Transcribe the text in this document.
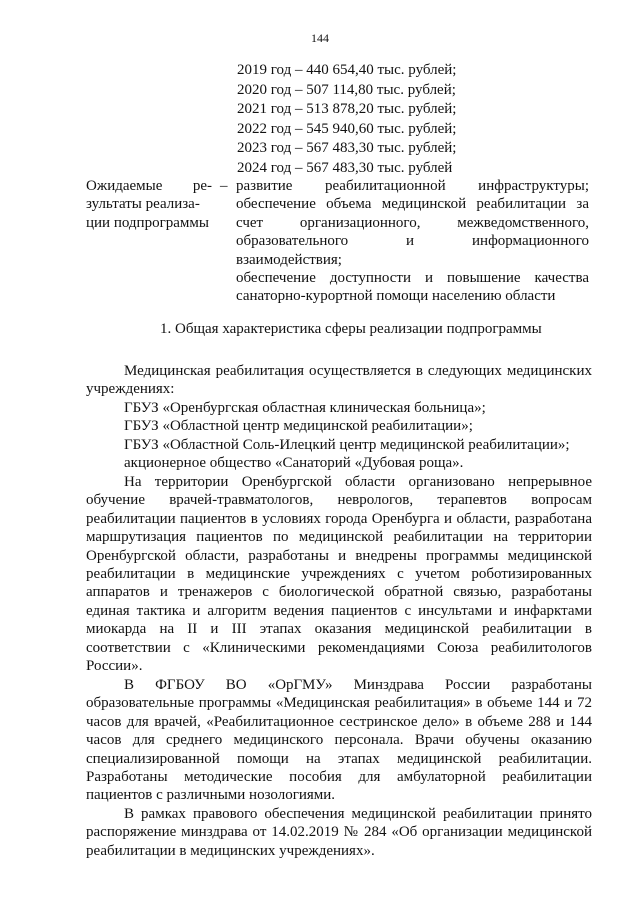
144
2019 год – 440 654,40 тыс. рублей;
2020 год – 507 114,80 тыс. рублей;
2021 год – 513 878,20 тыс. рублей;
2022 год – 545 940,60 тыс. рублей;
2023 год – 567 483,30 тыс. рублей;
2024 год – 567 483,30 тыс. рублей
Ожидаемые ре-
зультаты реализа-
ции подпрограммы
– развитие реабилитационной инфраструктуры; обеспечение объема медицинской реабилитации за счет организационного, межведомственного, образовательного и информационного взаимодействия;

обеспечение доступности и повышение качества санаторно-курортной помощи населению области

1. Общая характеристика сферы реализации подпрограммы

Медицинская реабилитация осуществляется в следующих медицинских учреждениях:

ГБУЗ «Оренбургская областная клиническая больница»;

ГБУЗ «Областной центр медицинской реабилитации»;

ГБУЗ «Областной Соль-Илецкий центр медицинской реабилитации»;

акционерное общество «Санаторий «Дубовая роща».

На территории Оренбургской области организовано непрерывное обучение врачей-травматологов, неврологов, терапевтов вопросам реабилитации пациентов в условиях города Оренбурга и области, разработана маршрутизация пациентов по медицинской реабилитации на территории Оренбургской области, разработаны и внедрены программы медицинской реабилитации в медицинские учреждениях с учетом роботизированных аппаратов и тренажеров с биологической обратной связью, разработаны единая тактика и алгоритм ведения пациентов с инсультами и инфарктами миокарда на II и III этапах оказания медицинской реабилитации в соответствии с «Клиническими рекомендациями Союза реабилитологов России».

В ФГБОУ ВО «ОрГМУ» Минздрава России разработаны образовательные программы «Медицинская реабилитация» в объеме 144 и 72 часов для врачей, «Реабилитационное сестринское дело» в объеме 288 и 144 часов для среднего медицинского персонала. Врачи обучены оказанию специализированной помощи на этапах медицинской реабилитации. Разработаны методические пособия для амбулаторной реабилитации пациентов с различными нозологиями.

В рамках правового обеспечения медицинской реабилитации принято распоряжение минздрава от 14.02.2019 № 284 «Об организации медицинской реабилитации в медицинских учреждениях».
